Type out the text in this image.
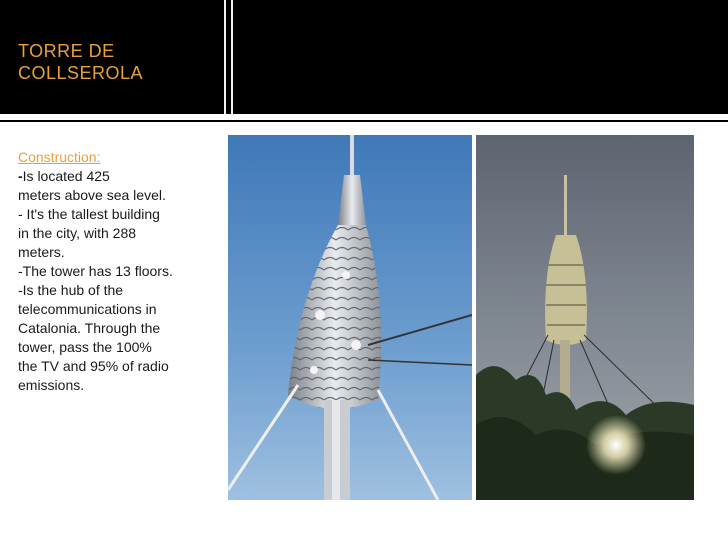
TORRE DE
COLLSEROLA

Construction:

-Is located 425

meters above sea level.

- It's the tallest building

in the city, with 288

meters.

-The tower has 13 floors.

-Is the hub of the

telecommunications in

Catalonia. Through the

tower, pass the 100%

the TV and 95% of radio

emissions.
